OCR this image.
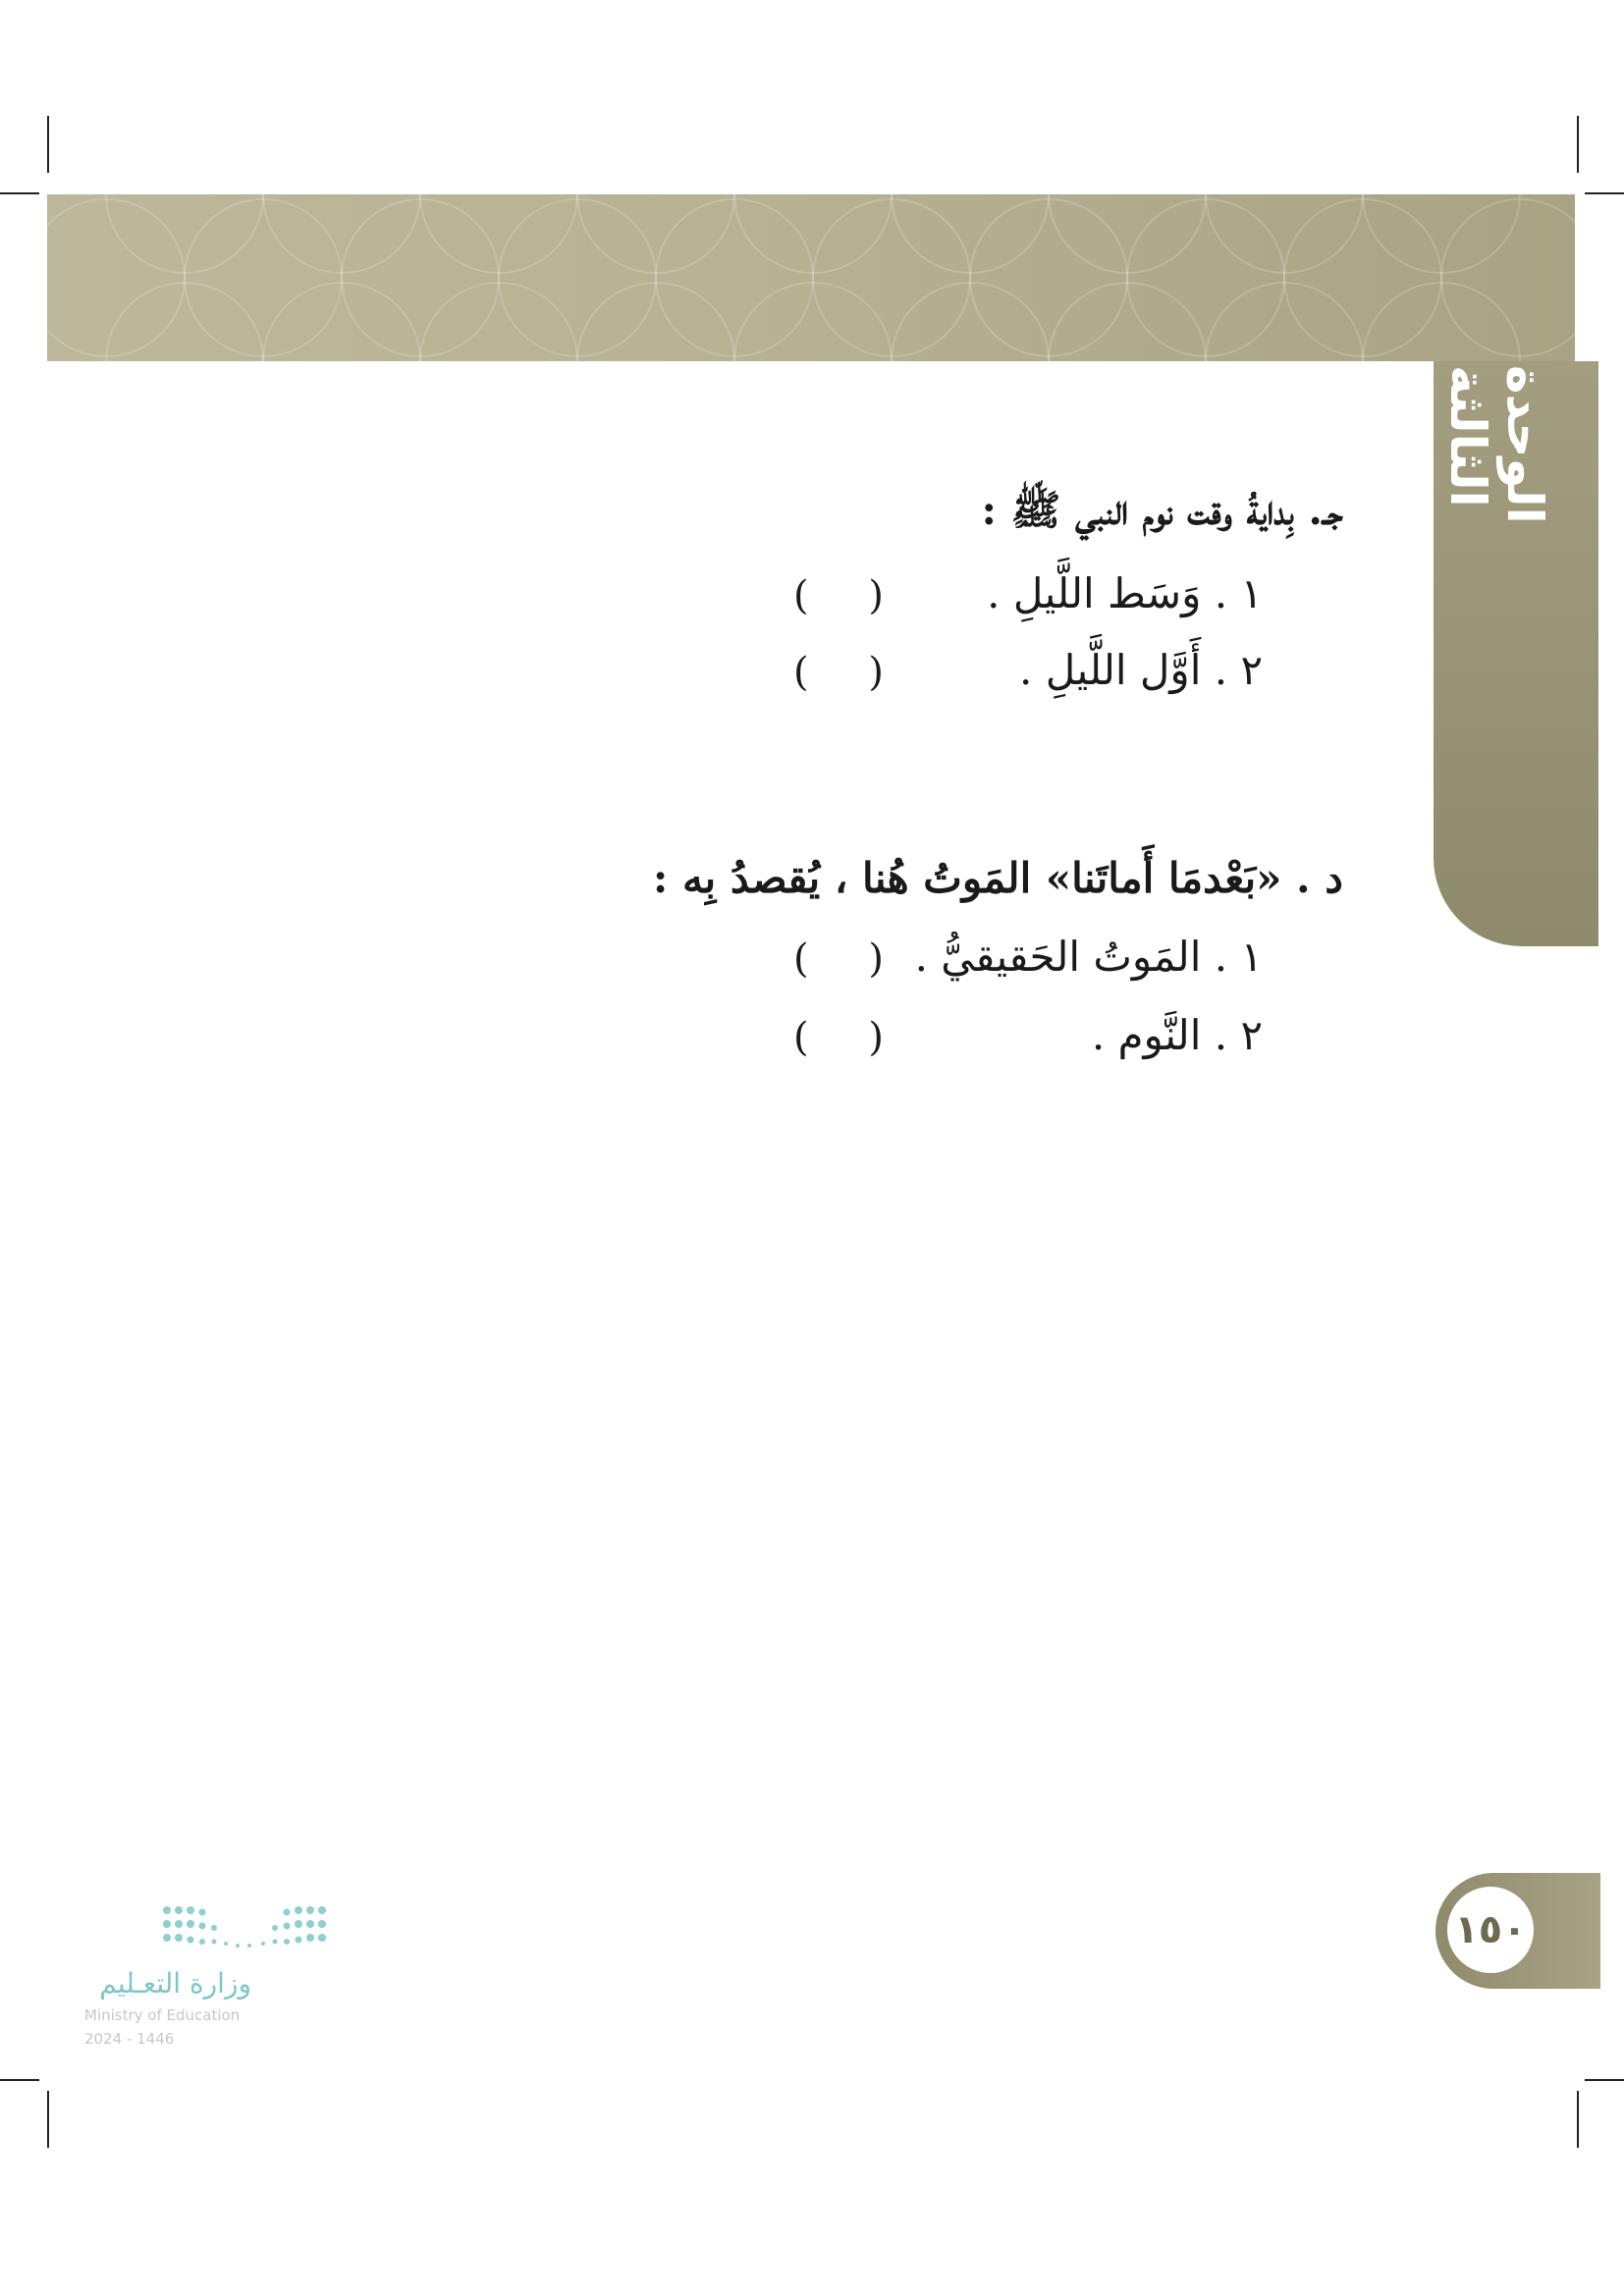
الوحدة الثالثة
جـ. بِدايةُ وقت نوم النبي ﷺ :
١ . وَسَط اللَّيلِ .
( )
٢ . أَوَّل اللَّيلِ .
( )
د . «بَعْدمَا أَماتَنا» المَوتُ هُنا ، يُقصدُ بِه :
١ . المَوتُ الحَقيقيُّ .
( )
٢ . النَّوم .
( )
١٥٠
وزارة التعـليم
Ministry of Education
2024 - 1446
